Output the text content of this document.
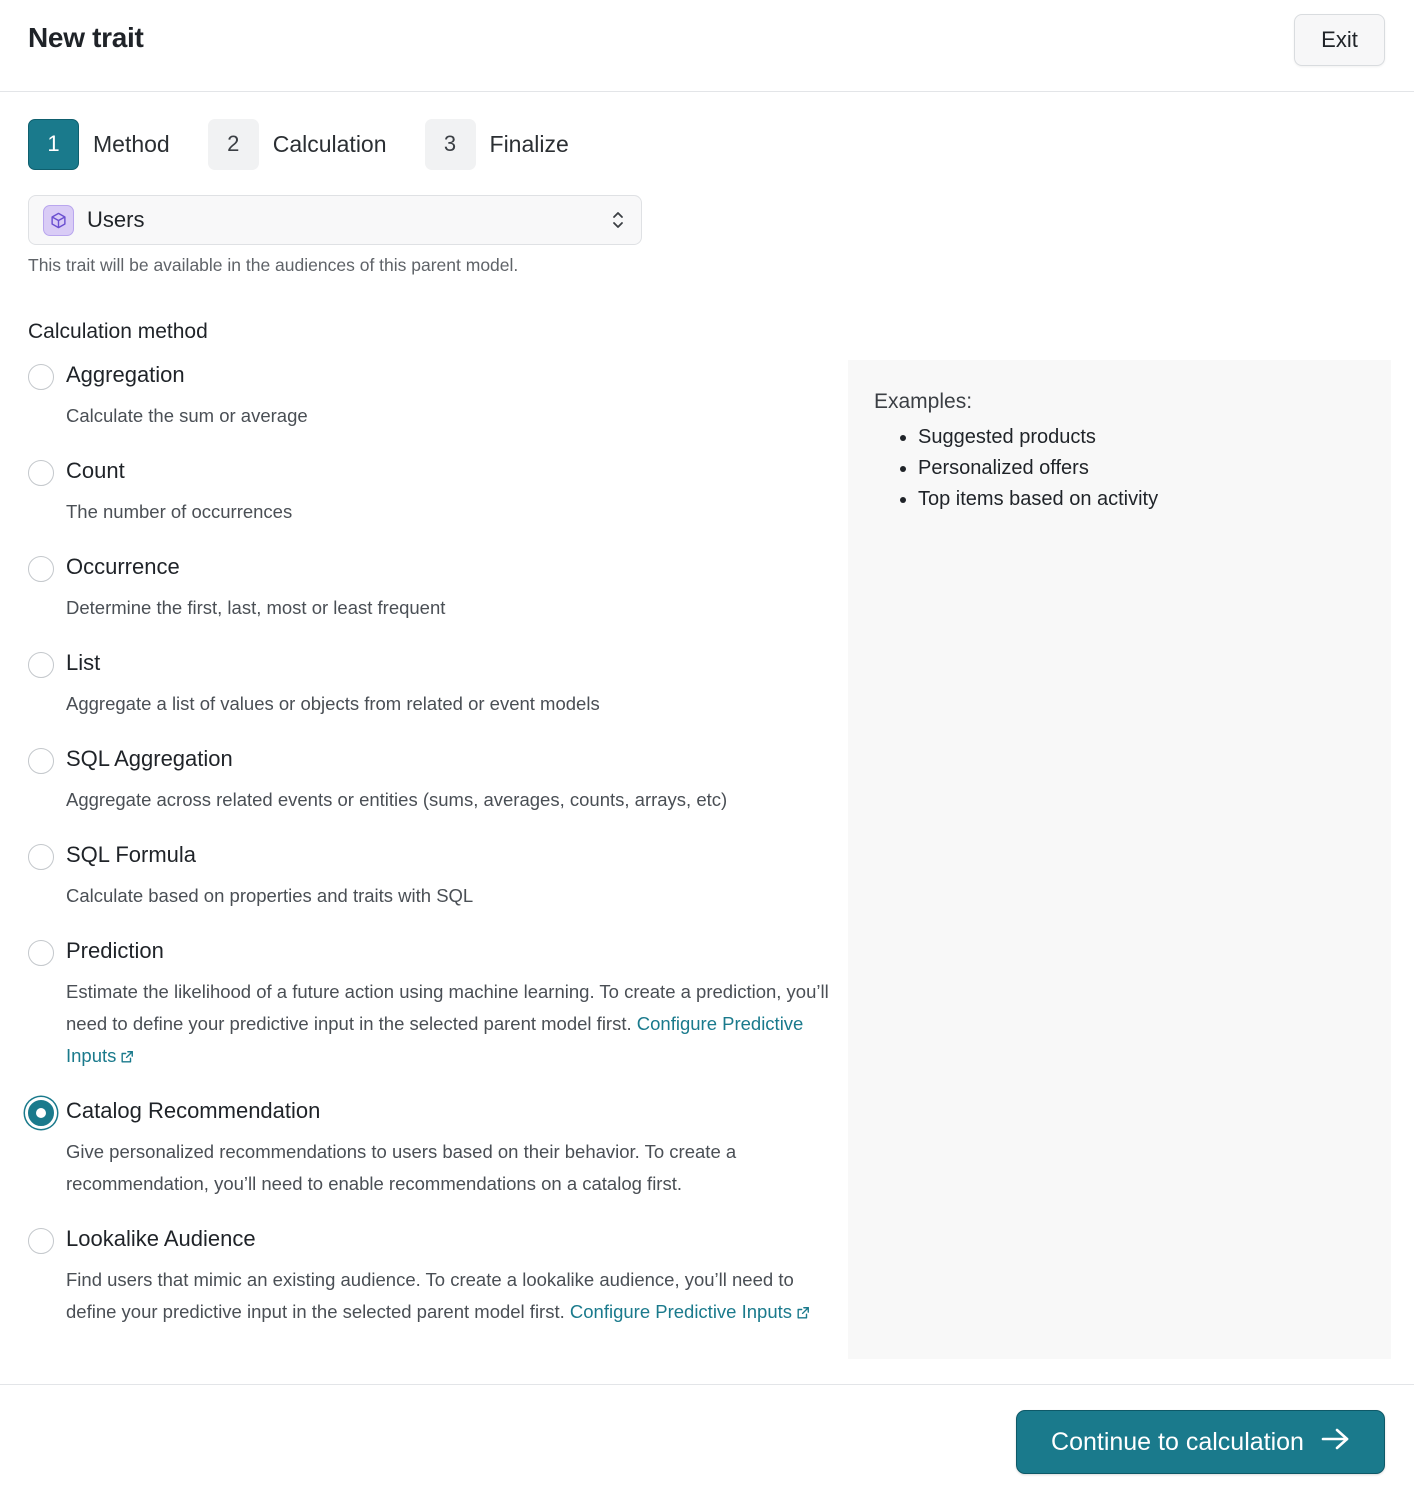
New trait	Exit
1	Method	2	Calculation	3	Finalize
Users
This trait will be available in the audiences of this parent model.
Calculation method
Aggregation

Calculate the sum or average

Count

The number of occurrences

Occurrence

Determine the first, last, most or least frequent

List

Aggregate a list of values or objects from related or event models

SQL Aggregation

Aggregate across related events or entities (sums, averages, counts, arrays, etc)

SQL Formula

Calculate based on properties and traits with SQL

Prediction

Estimate the likelihood of a future action using machine learning. To create a prediction, you’ll need to define your predictive input in the selected parent model first. Configure Predictive Inputs

Catalog Recommendation

Give personalized recommendations to users based on their behavior. To create a recommendation, you’ll need to enable recommendations on a catalog first.

Lookalike Audience

Find users that mimic an existing audience. To create a lookalike audience, you’ll need to define your predictive input in the selected parent model first. Configure Predictive Inputs

Examples:
• Suggested products
• Personalized offers
• Top items based on activity
Continue to calculation
